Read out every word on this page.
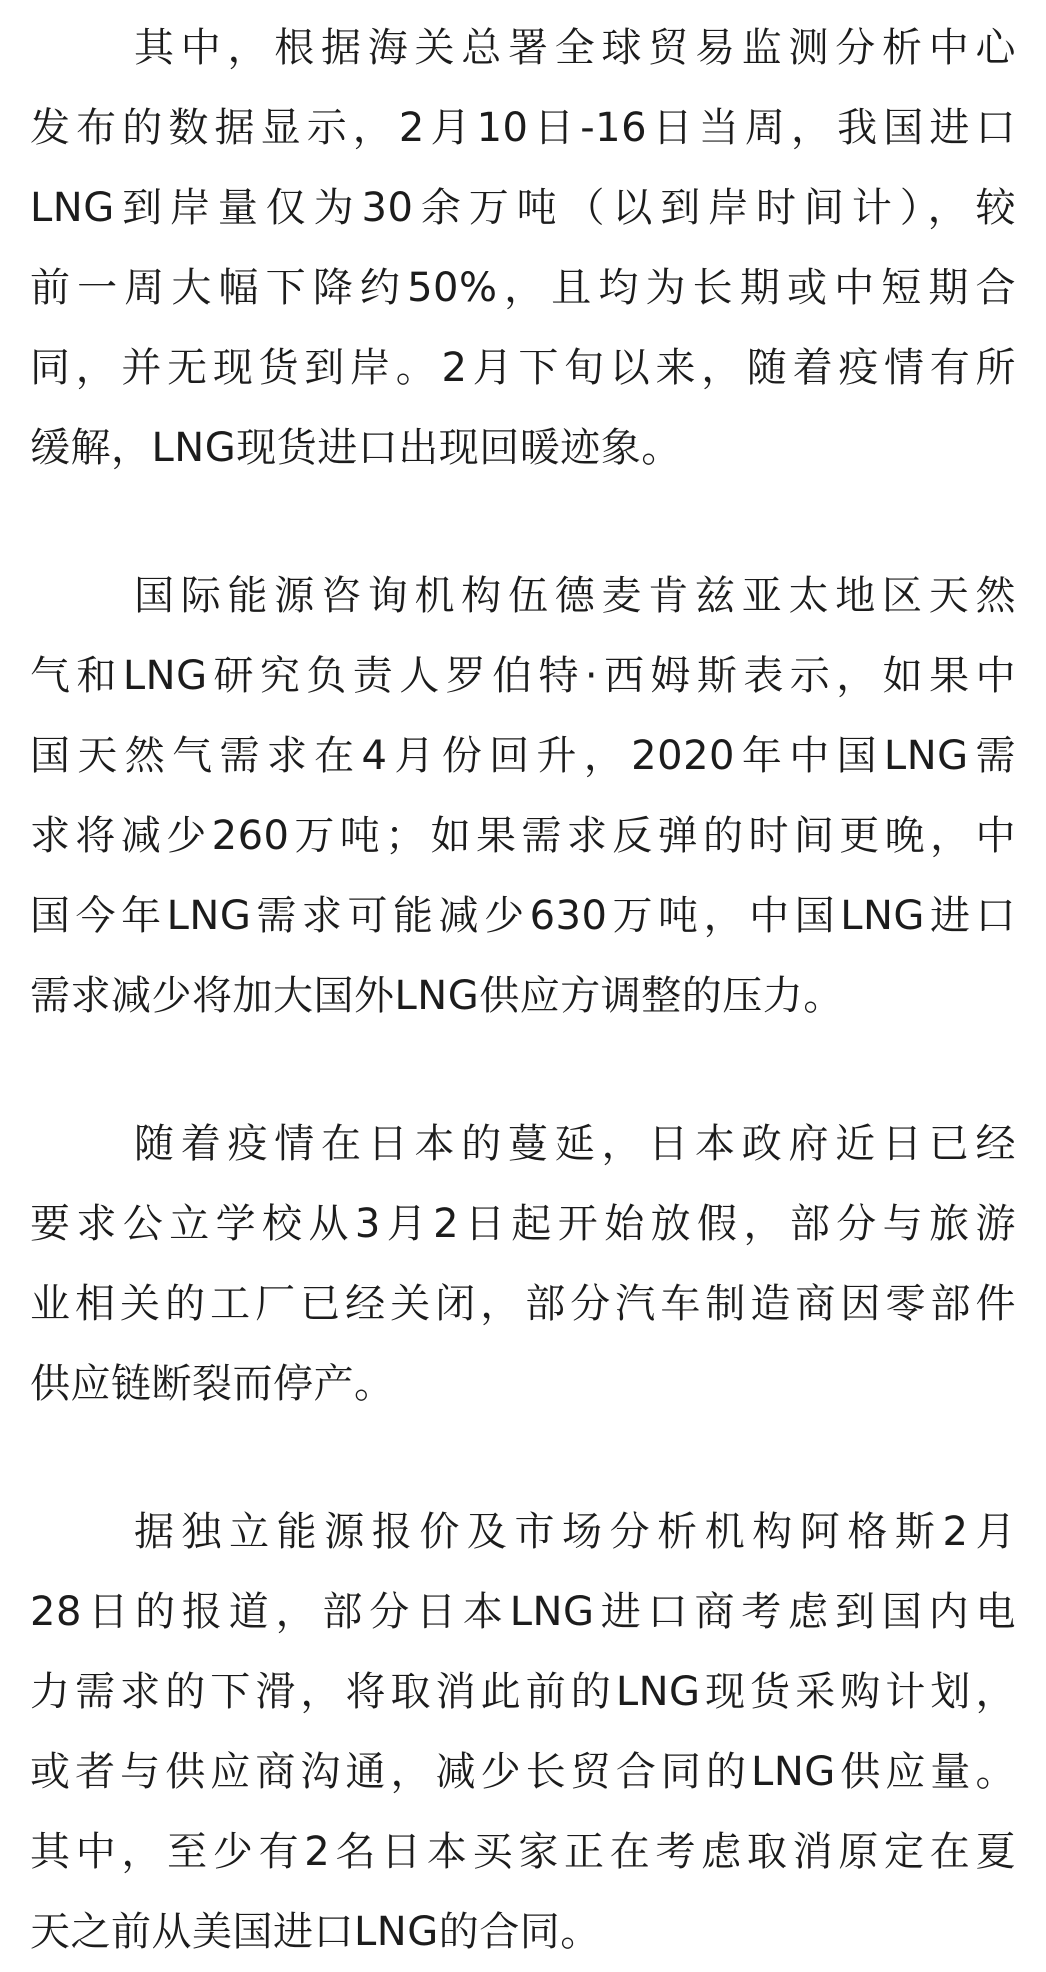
其中，根据海关总署全球贸易监测分析中心
发布的数据显示，2月10日-16日当周，我国进口
LNG到岸量仅为30余万吨（以到岸时间计），较
前一周大幅下降约50%，且均为长期或中短期合
同，并无现货到岸。2月下旬以来，随着疫情有所
缓解，LNG现货进口出现回暖迹象。
国际能源咨询机构伍德麦肯兹亚太地区天然
气和LNG研究负责人罗伯特·西姆斯表示，如果中
国天然气需求在4月份回升，2020年中国LNG需
求将减少260万吨；如果需求反弹的时间更晚，中
国今年LNG需求可能减少630万吨，中国LNG进口
需求减少将加大国外LNG供应方调整的压力。
随着疫情在日本的蔓延，日本政府近日已经
要求公立学校从3月2日起开始放假，部分与旅游
业相关的工厂已经关闭，部分汽车制造商因零部件
供应链断裂而停产。
据独立能源报价及市场分析机构阿格斯2月
28日的报道，部分日本LNG进口商考虑到国内电
力需求的下滑，将取消此前的LNG现货采购计划，
或者与供应商沟通，减少长贸合同的LNG供应量。
其中，至少有2名日本买家正在考虑取消原定在夏
天之前从美国进口LNG的合同。
